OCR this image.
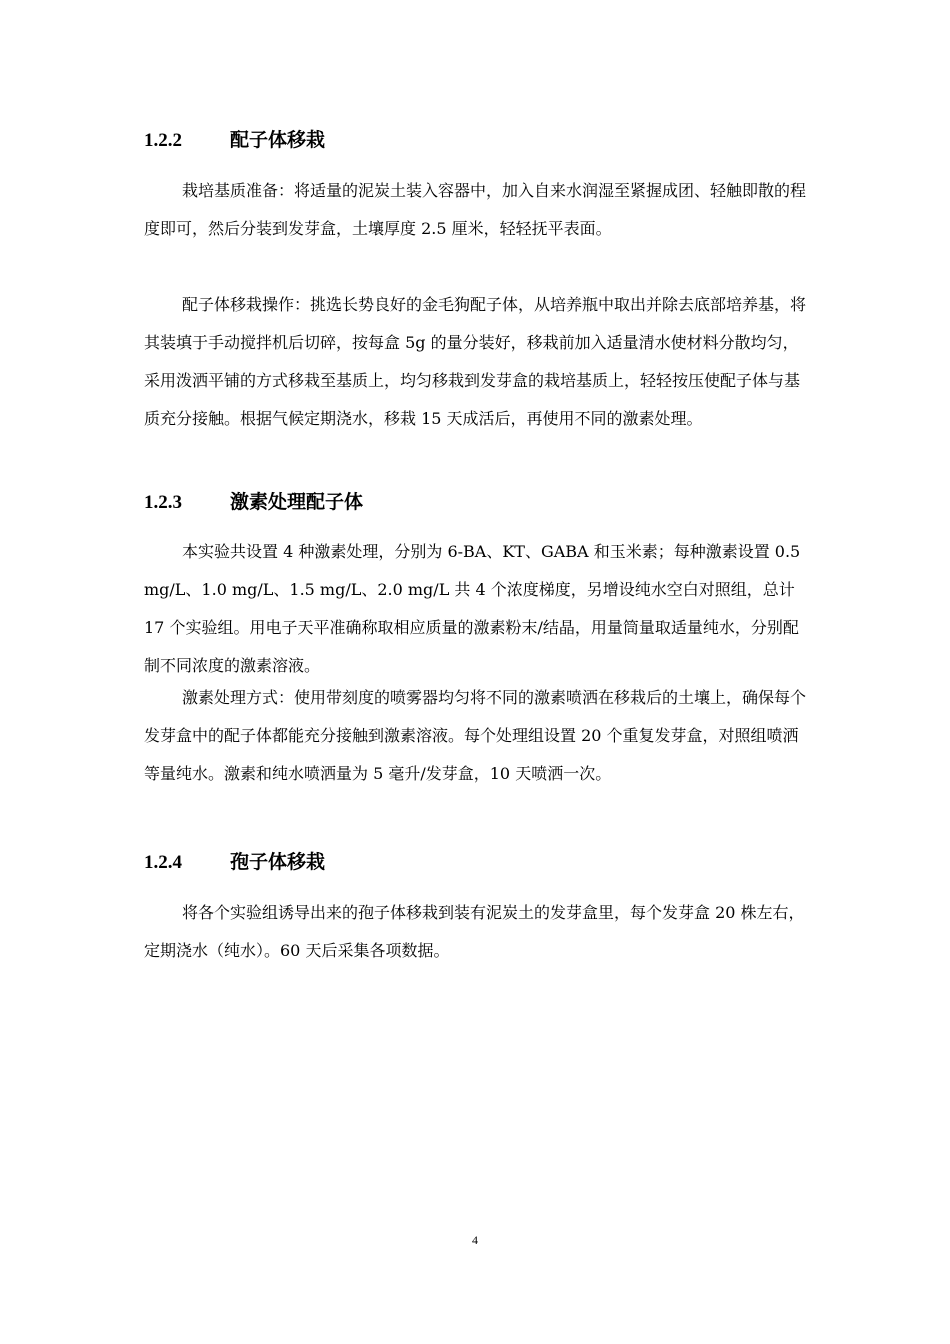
1.2.2	配子体移栽

栽培基质准备：将适量的泥炭土装入容器中，加入自来水润湿至紧握成团、轻触即散的程度即可，然后分装到发芽盒，土壤厚度 2.5 厘米，轻轻抚平表面。

配子体移栽操作：挑选长势良好的金毛狗配子体，从培养瓶中取出并除去底部培养基，将其装填于手动搅拌机后切碎，按每盒 5g 的量分装好，移栽前加入适量清水使材料分散均匀，采用泼洒平铺的方式移栽至基质上，均匀移栽到发芽盒的栽培基质上，轻轻按压使配子体与基质充分接触。根据气候定期浇水，移栽 15 天成活后，再使用不同的激素处理。

1.2.3	激素处理配子体

本实验共设置 4 种激素处理，分别为 6-BA、KT、GABA 和玉米素；每种激素设置 0.5 mg/L、1.0 mg/L、1.5 mg/L、2.0 mg/L 共 4 个浓度梯度，另增设纯水空白对照组，总计 17 个实验组。用电子天平准确称取相应质量的激素粉末/结晶，用量筒量取适量纯水，分别配制不同浓度的激素溶液。

激素处理方式：使用带刻度的喷雾器均匀将不同的激素喷洒在移栽后的土壤上，确保每个发芽盒中的配子体都能充分接触到激素溶液。每个处理组设置 20 个重复发芽盒，对照组喷洒等量纯水。激素和纯水喷洒量为 5 毫升/发芽盒，10 天喷洒一次。

1.2.4	孢子体移栽

将各个实验组诱导出来的孢子体移栽到装有泥炭土的发芽盒里，每个发芽盒 20 株左右，定期浇水（纯水）。60 天后采集各项数据。

4
